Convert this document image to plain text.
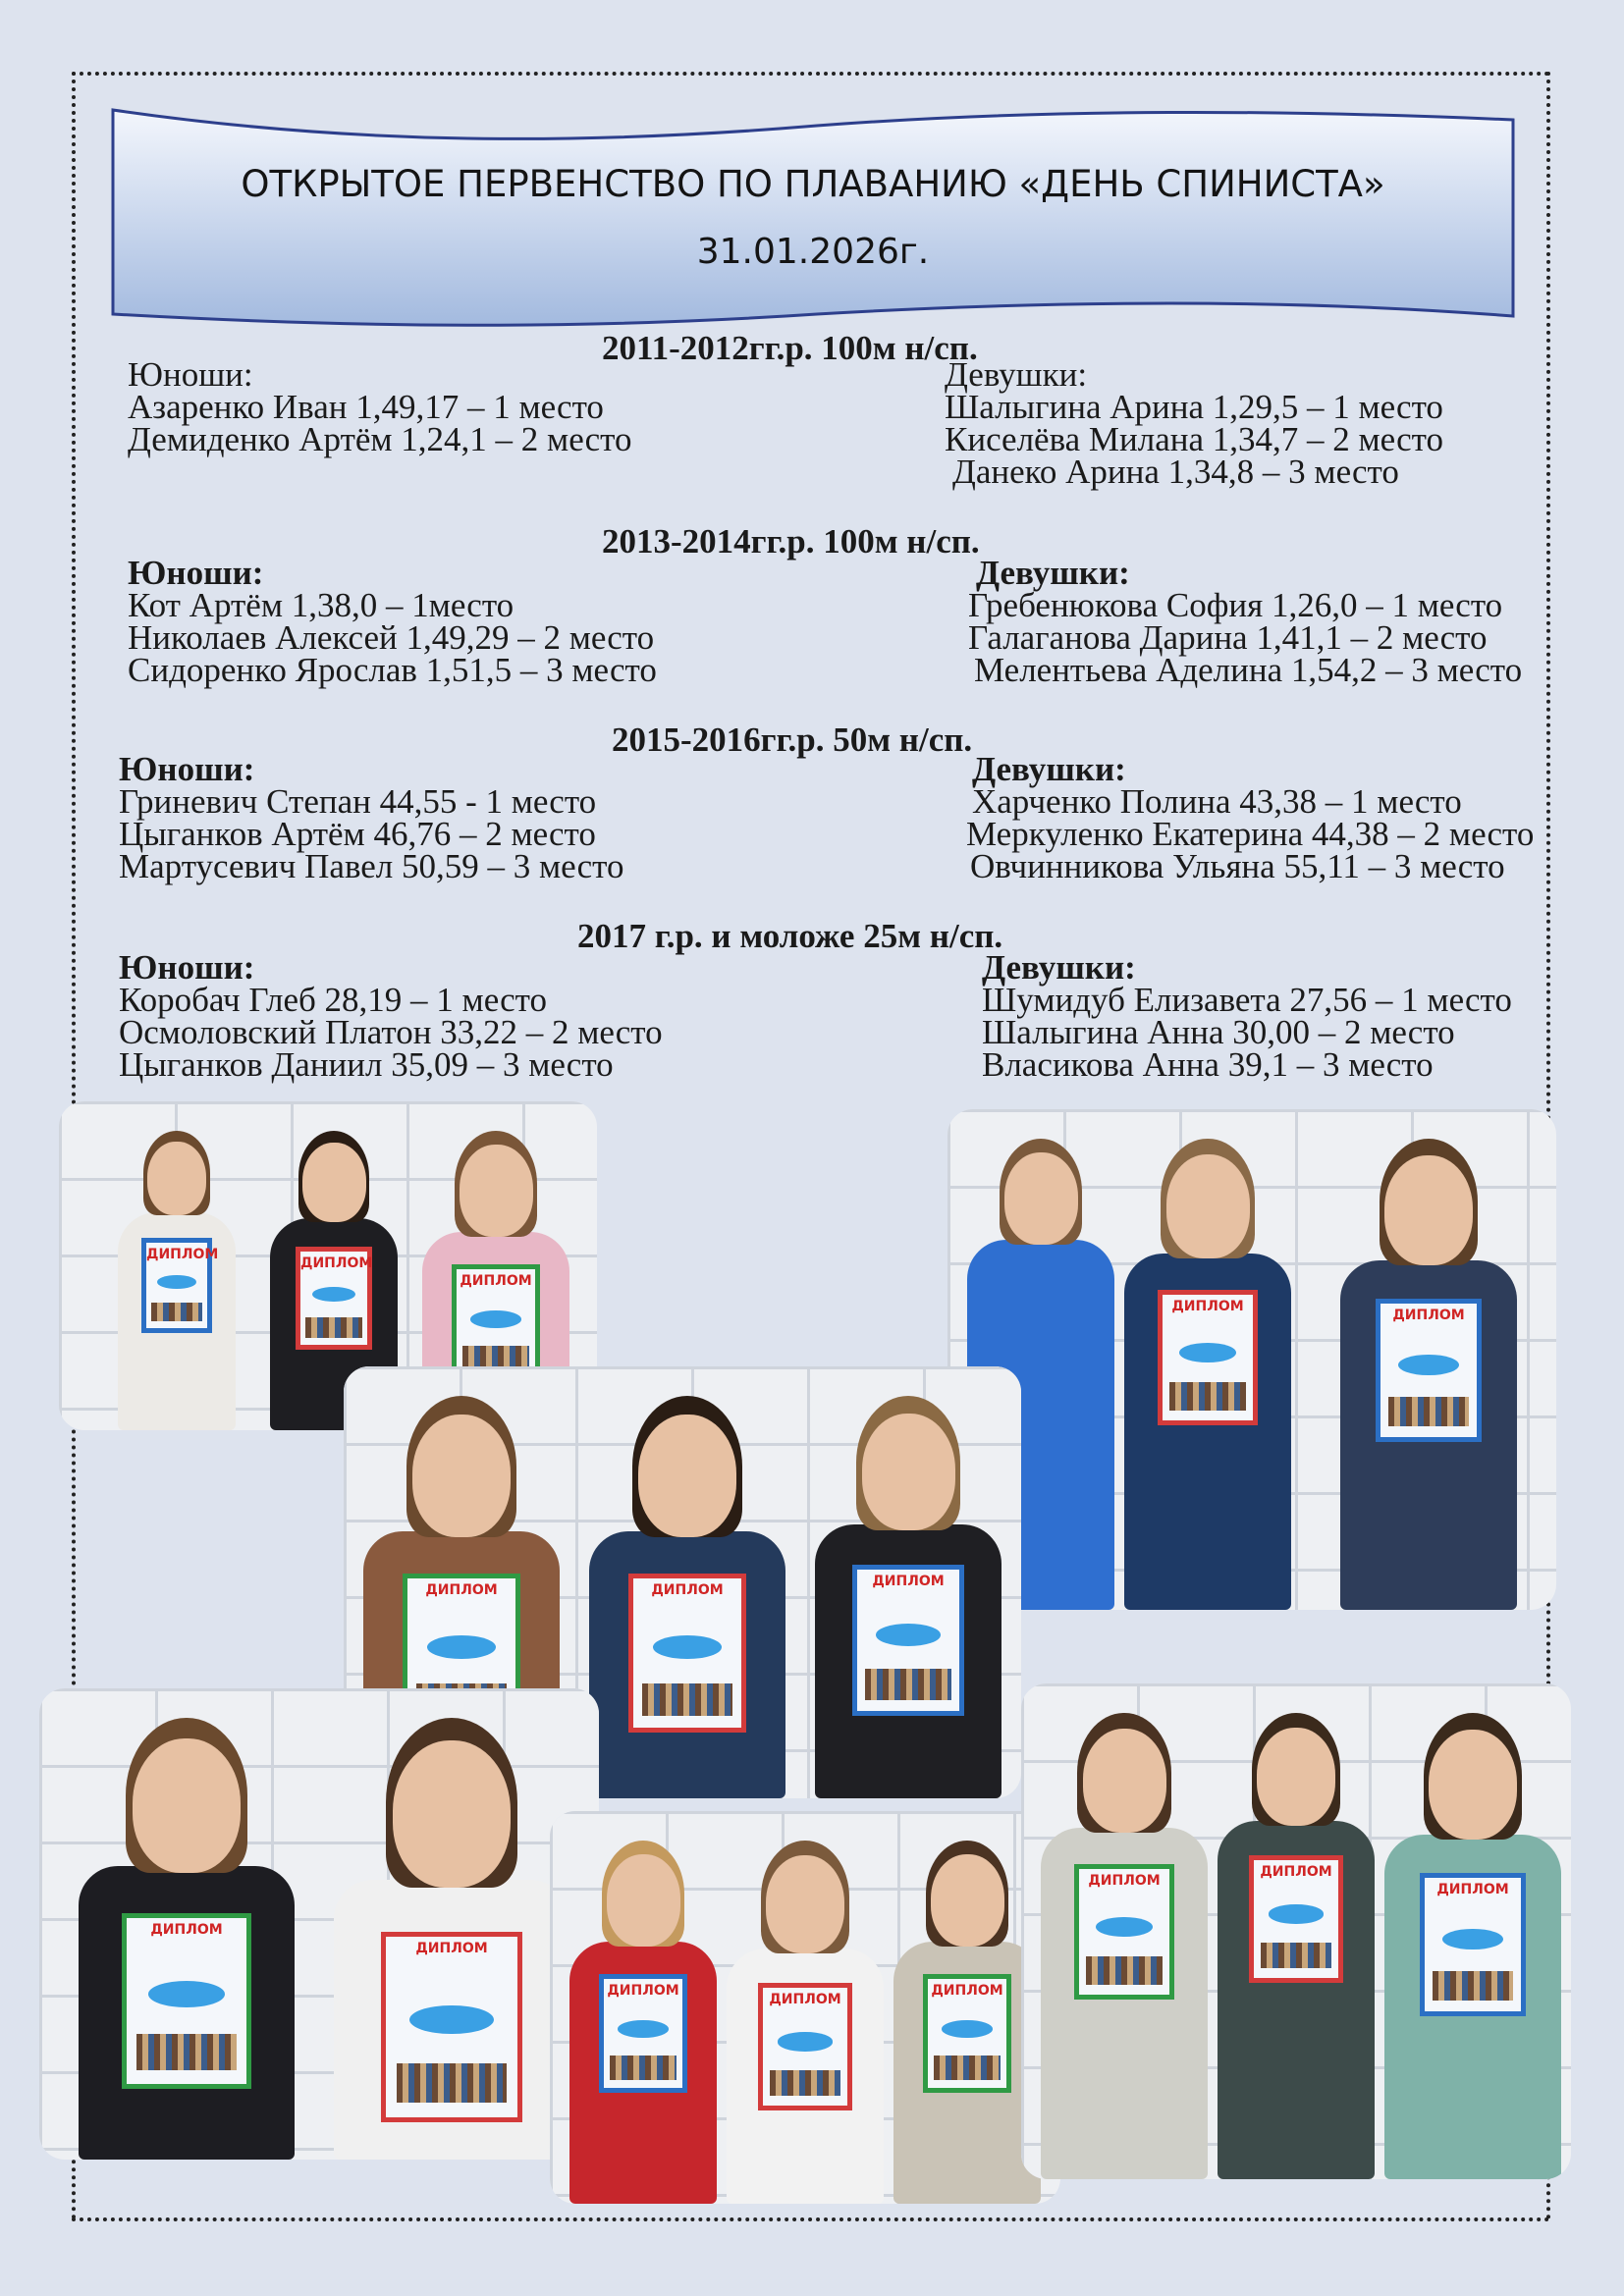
ОТКРЫТОЕ ПЕРВЕНСТВО ПО ПЛАВАНИЮ «ДЕНЬ СПИНИСТА»
31.01.2026г.
2011-2012гг.р. 100м н/сп.
Юноши:
Азаренко Иван 1,49,17 – 1 место
Демиденко Артём 1,24,1 – 2 место
Девушки:
Шалыгина Арина 1,29,5 – 1 место
Киселёва Милана 1,34,7 – 2 место
Данеко Арина 1,34,8 – 3 место
2013-2014гг.р. 100м н/сп.
Юноши:
Кот Артём 1,38,0 – 1место
Николаев Алексей 1,49,29 – 2 место
Сидоренко Ярослав 1,51,5 – 3 место
Девушки:
Гребенюкова София 1,26,0 – 1 место
Галаганова Дарина 1,41,1 – 2 место
Мелентьева Аделина 1,54,2 – 3 место
2015-2016гг.р. 50м н/сп.
Юноши:
Гриневич Степан 44,55 - 1 место
Цыганков Артём 46,76 – 2 место
Мартусевич Павел 50,59 – 3 место
Девушки:
Харченко Полина 43,38 – 1 место
Меркуленко Екатерина 44,38 – 2 место
Овчинникова Ульяна 55,11 – 3 место
2017 г.р. и моложе 25м н/сп.
Юноши:
Коробач Глеб 28,19 – 1 место
Осмоловский Платон 33,22 – 2 место
Цыганков Даниил 35,09 – 3 место
Девушки:
Шумидуб Елизавета 27,56 – 1 место
Шалыгина Анна 30,00 – 2 место
Власикова Анна 39,1 – 3 место
ДИПЛОМ
ДИПЛОМ
ДИПЛОМ
ДИПЛОМ
ДИПЛОМ
ДИПЛОМ	ДИПЛОМ
ДИПЛОМ
ДИПЛОМ
ДИПЛОМ
ДИПЛОМ
ДИПЛОМ
ДИПЛОМ
ДИПЛОМ
ДИПЛОМ
ДИПЛОМ
